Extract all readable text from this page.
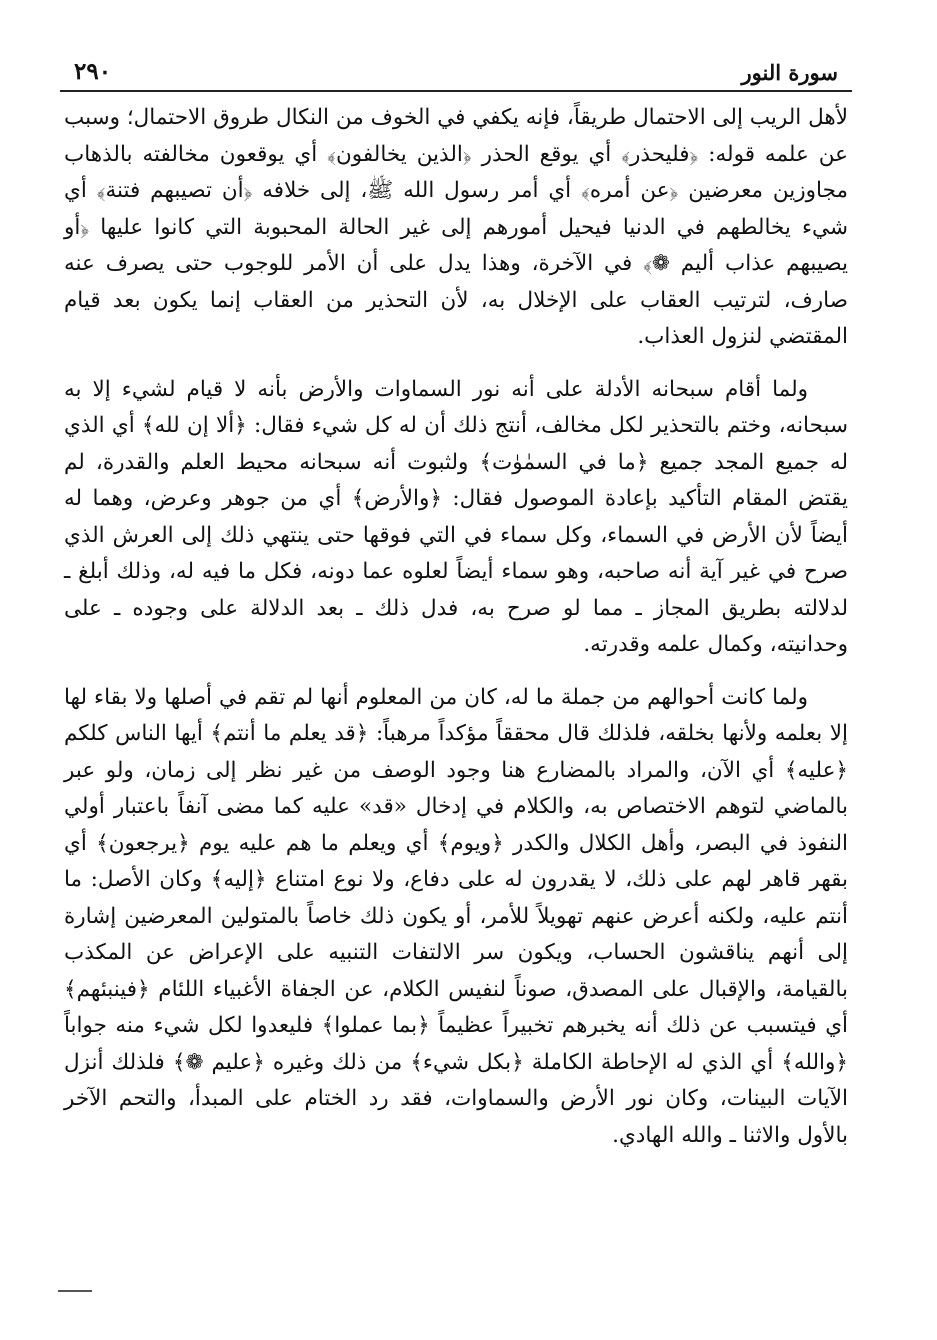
سورة النور
٢٩٠

لأهل الريب إلى الاحتمال طريقاً، فإنه يكفي في الخوف من النكال طروق الاحتمال؛ وسبب عن علمه قوله: ﴿فليحذر﴾ أي يوقع الحذر ﴿الذين يخالفون﴾ أي يوقعون مخالفته بالذهاب مجاوزين معرضين ﴿عن أمره﴾ أي أمر رسول الله ﷺ، إلى خلافه ﴿أن تصيبهم فتنة﴾ أي شيء يخالطهم في الدنيا فيحيل أمورهم إلى غير الحالة المحبوبة التي كانوا عليها ﴿أو يصيبهم عذاب أليم ❁﴾ في الآخرة، وهذا يدل على أن الأمر للوجوب حتى يصرف عنه صارف، لترتيب العقاب على الإخلال به، لأن التحذير من العقاب إنما يكون بعد قيام المقتضي لنزول العذاب.

ولما أقام سبحانه الأدلة على أنه نور السماوات والأرض بأنه لا قيام لشيء إلا به سبحانه، وختم بالتحذير لكل مخالف، أنتج ذلك أن له كل شيء فقال: ﴿ألا إن لله﴾ أي الذي له جميع المجد جميع ﴿ما في السمٰوٰت﴾ ولثبوت أنه سبحانه محيط العلم والقدرة، لم يقتض المقام التأكيد بإعادة الموصول فقال: ﴿والأرض﴾ أي من جوهر وعرض، وهما له أيضاً لأن الأرض في السماء، وكل سماء في التي فوقها حتى ينتهي ذلك إلى العرش الذي صرح في غير آية أنه صاحبه، وهو سماء أيضاً لعلوه عما دونه، فكل ما فيه له، وذلك أبلغ ـ لدلالته بطريق المجاز ـ مما لو صرح به، فدل ذلك ـ بعد الدلالة على وجوده ـ على وحدانيته، وكمال علمه وقدرته.

ولما كانت أحوالهم من جملة ما له، كان من المعلوم أنها لم تقم في أصلها ولا بقاء لها إلا بعلمه ولأنها بخلقه، فلذلك قال محققاً مؤكداً مرهباً: ﴿قد يعلم ما أنتم﴾ أيها الناس كلكم ﴿عليه﴾ أي الآن، والمراد بالمضارع هنا وجود الوصف من غير نظر إلى زمان، ولو عبر بالماضي لتوهم الاختصاص به، والكلام في إدخال «قد» عليه كما مضى آنفاً باعتبار أولي النفوذ في البصر، وأهل الكلال والكدر ﴿ويوم﴾ أي ويعلم ما هم عليه يوم ﴿يرجعون﴾ أي بقهر قاهر لهم على ذلك، لا يقدرون له على دفاع، ولا نوع امتناع ﴿إليه﴾ وكان الأصل: ما أنتم عليه، ولكنه أعرض عنهم تهويلاً للأمر، أو يكون ذلك خاصاً بالمتولين المعرضين إشارة إلى أنهم يناقشون الحساب، ويكون سر الالتفات التنبيه على الإعراض عن المكذب بالقيامة، والإقبال على المصدق، صوناً لنفيس الكلام، عن الجفاة الأغبياء اللئام ﴿فينبئهم﴾ أي فيتسبب عن ذلك أنه يخبرهم تخبيراً عظيماً ﴿بما عملوا﴾ فليعدوا لكل شيء منه جواباً ﴿والله﴾ أي الذي له الإحاطة الكاملة ﴿بكل شيء﴾ من ذلك وغيره ﴿عليم ❁﴾ فلذلك أنزل الآيات البينات، وكان نور الأرض والسماوات، فقد رد الختام على المبدأ، والتحم الآخر بالأول والاثنا ـ والله الهادي.
